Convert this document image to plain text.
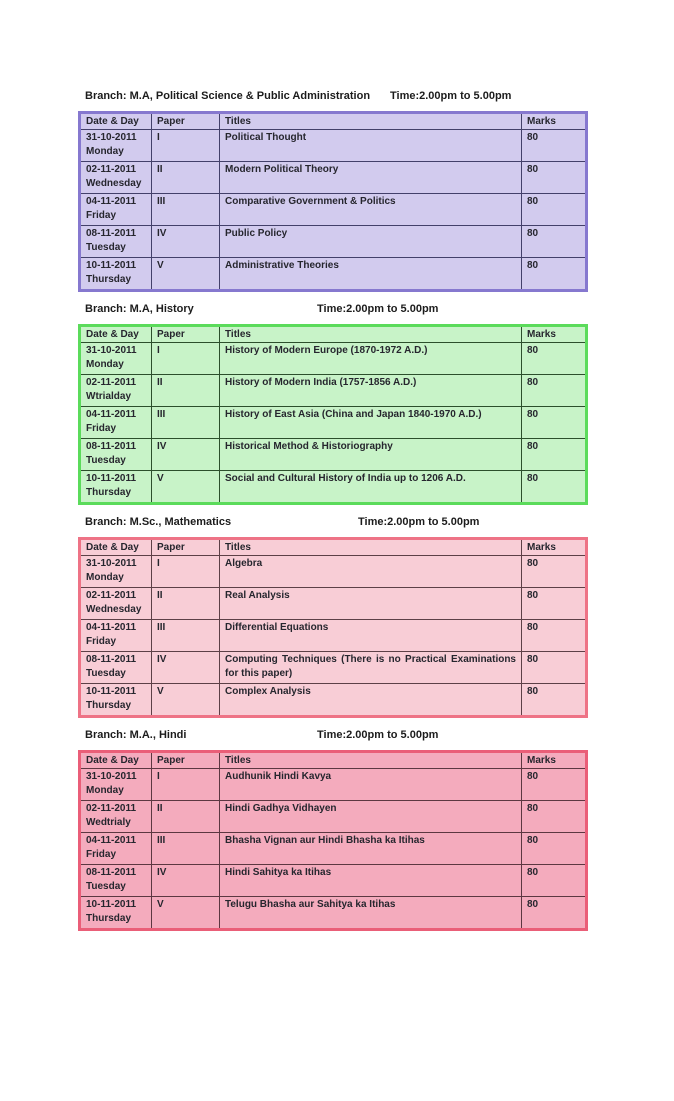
Branch: M.A, Political Science & Public Administration Time:2.00pm to 5.00pm
Date & Day	Paper	Titles	Marks

31-10-2011
Monday	I	Political Thought	80

02-11-2011
Wednesday	II	Modern Political Theory	80

04-11-2011
Friday	III	Comparative Government & Politics	80

08-11-2011
Tuesday	IV	Public Policy	80

10-11-2011
Thursday	V	Administrative Theories	80
Branch: M.A, History	Time:2.00pm to 5.00pm
Date & Day	Paper	Titles	Marks

31-10-2011
Monday	I	History of Modern Europe (1870-1972 A.D.)	80

02-11-2011
Wtrialday	II	History of Modern India (1757-1856 A.D.)	80

04-11-2011
Friday	III	History of East Asia (China and Japan 1840-1970 A.D.)	80

08-11-2011
Tuesday	IV	Historical Method & Historiography	80

10-11-2011
Thursday	V	Social and Cultural History of India up to 1206 A.D.	80
Branch: M.Sc., Mathematics	Time:2.00pm to 5.00pm
Date & Day	Paper	Titles	Marks

31-10-2011
Monday	I	Algebra	80

02-11-2011
Wednesday	II	Real Analysis	80

04-11-2011
Friday	III	Differential Equations	80

08-11-2011
Tuesday	IV	Computing Techniques (There is no Practical Examinations for this paper)	80

10-11-2011
Thursday	V	Complex Analysis	80
Branch: M.A., Hindi	Time:2.00pm to 5.00pm
Date & Day	Paper	Titles	Marks

31-10-2011
Monday	I	Audhunik Hindi Kavya	80

02-11-2011
Wedtrialy	II	Hindi Gadhya Vidhayen	80

04-11-2011
Friday	III	Bhasha Vignan aur Hindi Bhasha ka Itihas	80

08-11-2011
Tuesday	IV	Hindi Sahitya ka Itihas	80

10-11-2011
Thursday	V	Telugu Bhasha aur Sahitya ka Itihas	80
